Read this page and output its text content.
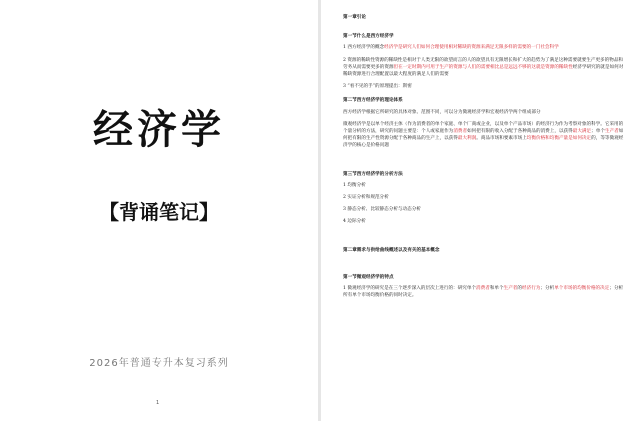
经济学
【背诵笔记】
2026年普通专升本复习系列
1

第一章引论

第一节什么是西方经济学

1 西方经济学的概念经济学是研究人们如何合理使用相对稀缺的资源来满足无限多样的需要的一门社会科学

2 资源的稀缺性资源的稀缺性是相对于人类无限的欲望而言的人的欲望具有无限增长和扩大的趋势为了满足这种需要就要生产更多的物品和劳务从而需要更多的资源但在一定时期内可用于生产的资源与人们的需要相比总是远远不够的这就是资源的稀缺性经济学研究的就是如何对稀缺资源进行合理配置以最大程度的满足人们的需要

3 “看不见的手”的原理提出：斯密

第二节西方经济学的理论体系

西方经济学根据它所研究的具体对象、范围不同，可以分为微观经济学和宏观经济学两个组成部分

微观经济学是以单个经济主体（作为消费者的单个家庭、单个厂商或企业，以及单个产品市场）的经济行为作为考察对象的科学。它采用的个量分析的方法，研究的问题主要是：个人或家庭作为消费者如何把有限的收入分配于各种商品的消费上，以获得最大满足；单个生产者如何把有限的生产性资源分配于各种商品的生产上，以获得最大利润。商品市场和要素市场上均衡价格和均衡产量是如何决定的，等等微观经济学的核心是价格问题

第三节西方经济学的分析方法

1 均衡分析

2 实证分析和规范分析

3 静态分析、比较静态分析与动态分析

4 边际分析

第二章需求与供给曲线概述以及有关的基本概念

第一节微观经济学的特点

1 微观经济学的研究是在三个逐步深入的层次上进行的：研究单个消费者和单个生产者的经济行为；分析单个市场的均衡价格的决定；分析所有单个市场均衡价格的同时决定。
